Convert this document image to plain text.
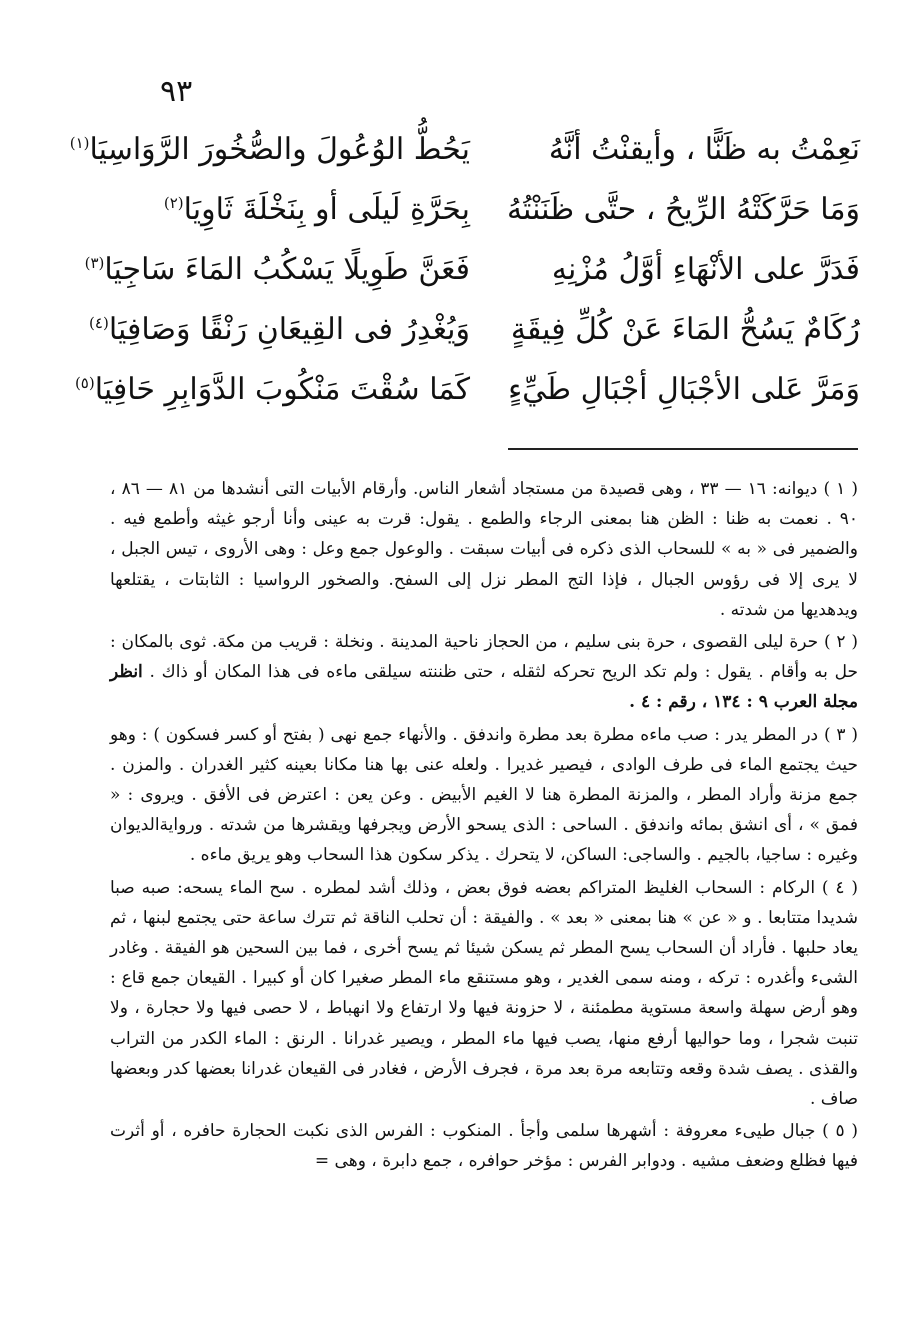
٩٣
نَعِمْتُ به ظَنًّا ، وأيقنْتُ أنَّهُ
يَحُطُّ الوُعُولَ والصُّخُورَ الرَّوَاسِيَا$^{(١)}$
وَمَا حَرَّكَتْهُ الرِّيحُ ، حتَّى ظَنَنْتُهُ
بِحَرَّةِ لَيلَى أو بِنَخْلَةَ ثَاوِيَا$^{(٢)}$
فَدَرَّ على الأنْهَاءِ أوَّلُ مُزْنِهِ
فَعَنَّ طَوِيلًا يَسْكُبُ المَاءَ سَاجِيَا$^{(٣)}$
رُكَامٌ يَسُحُّ المَاءَ عَنْ كُلِّ فِيقَةٍ
وَيُغْدِرُ فى القِيعَانِ رَنْقًا وَصَافِيَا$^{(٤)}$
وَمَرَّ عَلى الأجْبَالِ أجْبَالِ طَيِّءٍ
كَمَا سُقْتَ مَنْكُوبَ الدَّوَابِرِ حَافِيَا$^{(٥)}$

( ١ ) ديوانه: ١٦ — ٣٣ ، وهى قصيدة من مستجاد أشعار الناس. وأرقام الأبيات التى أنشدها من ٨١ — ٨٦ ، ٩٠ . نعمت به ظنا : الظن هنا بمعنى الرجاء والطمع . يقول: قرت به عينى وأنا أرجو غيثه وأطمع فيه . والضمير فى « به » للسحاب الذى ذكره فى أبيات سبقت . والوعول جمع وعل : وهى الأروى ، تيس الجبل ، لا يرى إلا فى رؤوس الجبال ، فإذا التج المطر نزل إلى السفح. والصخور الرواسيا : الثابتات ، يقتلعها ويدهديها من شدته .

( ٢ ) حرة ليلى القصوى ، حرة بنى سليم ، من الحجاز ناحية المدينة . ونخلة : قريب من مكة. ثوى بالمكان : حل به وأقام . يقول : ولم تكد الريح تحركه لثقله ، حتى ظننته سيلقى ماءه فى هذا المكان أو ذاك . انظر مجلة العرب ٩ : ١٣٤ ، رقم : ٤ .

( ٣ ) در المطر يدر : صب ماءه مطرة بعد مطرة واندفق . والأنهاء جمع نهى ( بفتح أو كسر فسكون ) : وهو حيث يجتمع الماء فى طرف الوادى ، فيصير غديرا . ولعله عنى بها هنا مكانا بعينه كثير الغدران . والمزن . جمع مزنة وأراد المطر ، والمزنة المطرة هنا لا الغيم الأبيض . وعن يعن : اعترض فى الأفق . ويروى : « فمق » ، أى انشق بمائه واندفق . الساحى : الذى يسحو الأرض ويجرفها ويقشرها من شدته . وروايةالديوان وغيره : ساجيا، بالجيم . والساجى: الساكن، لا يتحرك . يذكر سكون هذا السحاب وهو يريق ماءه .

( ٤ ) الركام : السحاب الغليظ المتراكم بعضه فوق بعض ، وذلك أشد لمطره . سح الماء يسحه: صبه صبا شديدا متتابعا . و « عن » هنا بمعنى « بعد » . والفيقة : أن تحلب الناقة ثم تترك ساعة حتى يجتمع لبنها ، ثم يعاد حلبها . فأراد أن السحاب يسح المطر ثم يسكن شيئا ثم يسح أخرى ، فما بين السحين هو الفيقة . وغادر الشىء وأغدره : تركه ، ومنه سمى الغدير ، وهو مستنقع ماء المطر صغيرا كان أو كبيرا . القيعان جمع قاع : وهو أرض سهلة واسعة مستوية مطمئنة ، لا حزونة فيها ولا ارتفاع ولا انهباط ، لا حصى فيها ولا حجارة ، ولا تنبت شجرا ، وما حواليها أرفع منها، يصب فيها ماء المطر ، ويصير غدرانا . الرنق : الماء الكدر من التراب والقذى . يصف شدة وقعه وتتابعه مرة بعد مرة ، فجرف الأرض ، فغادر فى القيعان غدرانا بعضها كدر وبعضها صاف .

( ٥ ) جبال طيىء معروفة : أشهرها سلمى وأجأ . المنكوب : الفرس الذى نكبت الحجارة حافره ، أو أثرت فيها فظلع وضعف مشيه . ودوابر الفرس : مؤخر حوافره ، جمع دابرة ، وهى =
